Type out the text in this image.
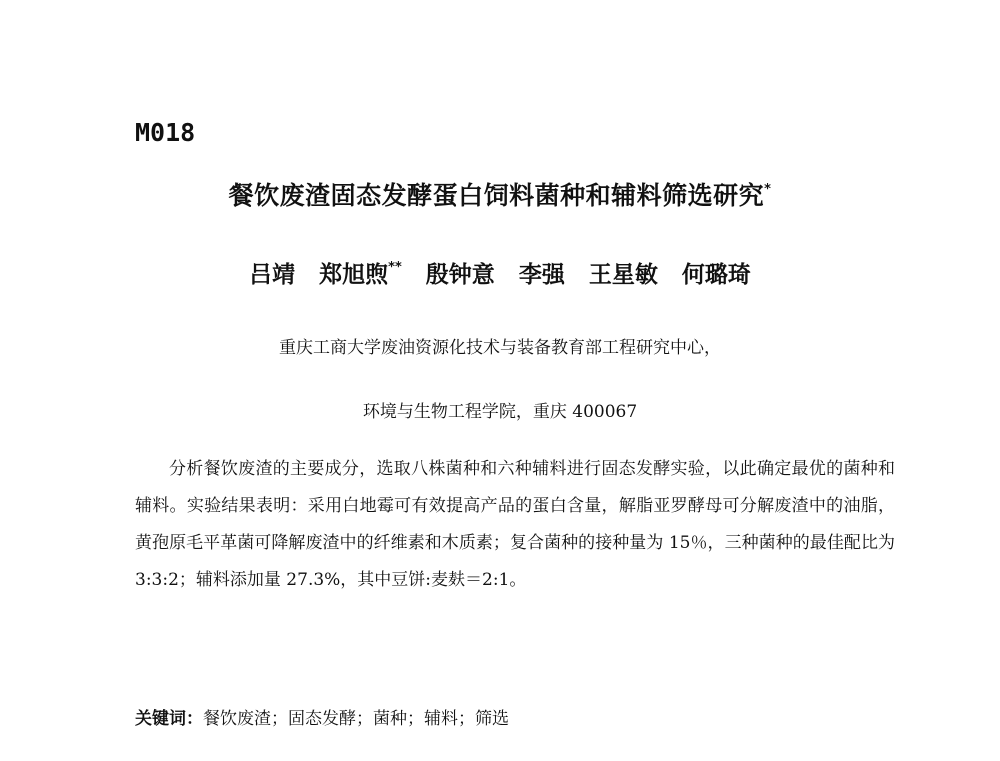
M018
餐饮废渣固态发酵蛋白饲料菌种和辅料筛选研究*
吕靖 郑旭煦** 殷钟意 李强 王星敏 何璐琦
重庆工商大学废油资源化技术与装备教育部工程研究中心，
环境与生物工程学院，重庆 400067
分析餐饮废渣的主要成分，选取八株菌种和六种辅料进行固态发酵实验，以此确定最优的菌种和辅料。实验结果表明：采用白地霉可有效提高产品的蛋白含量，解脂亚罗酵母可分解废渣中的油脂，黄孢原毛平革菌可降解废渣中的纤维素和木质素；复合菌种的接种量为 15％，三种菌种的最佳配比为 3:3:2；辅料添加量 27.3%，其中豆饼:麦麸＝2:1。
关键词：餐饮废渣；固态发酵；菌种；辅料；筛选
